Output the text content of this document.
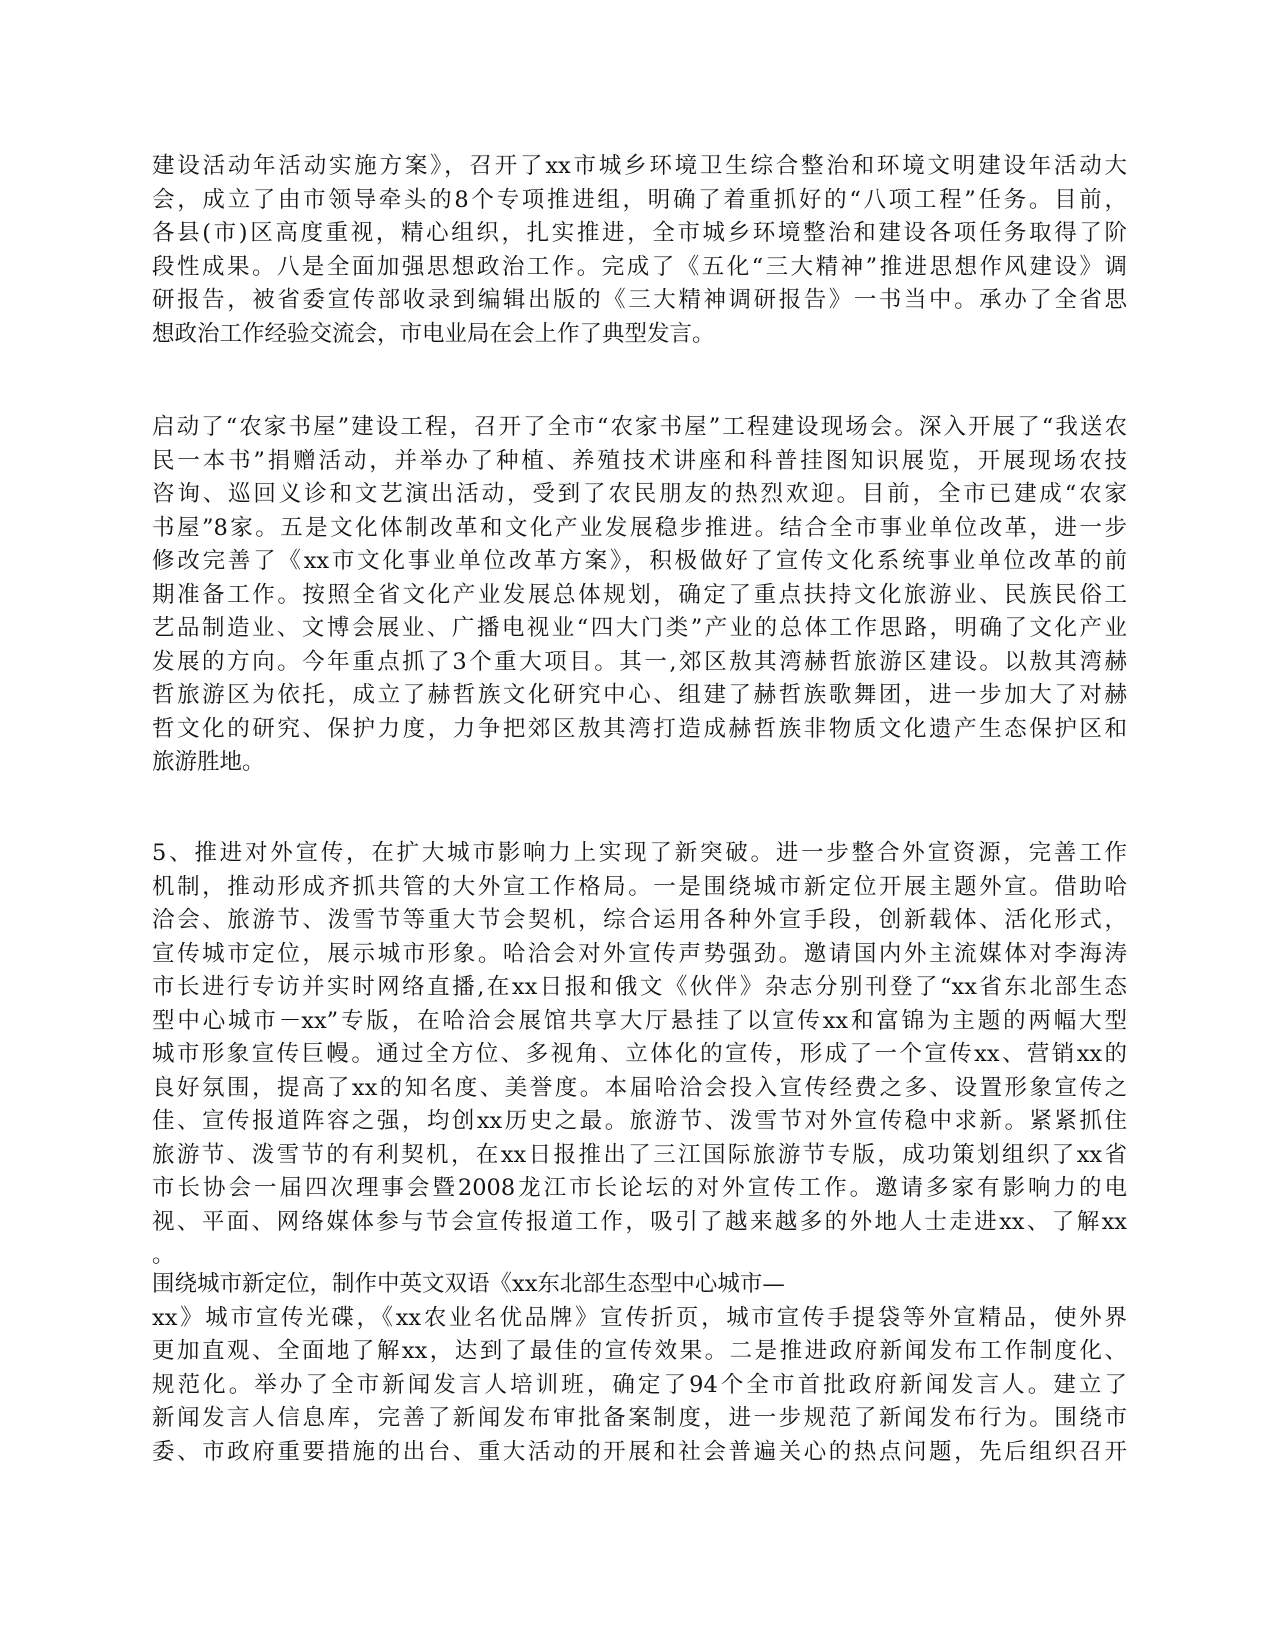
建设活动年活动实施方案》，召开了xx市城乡环境卫生综合整治和环境文明建设年活动大
会，成立了由市领导牵头的8个专项推进组，明确了着重抓好的“八项工程”任务。目前，
各县(市)区高度重视，精心组织，扎实推进，全市城乡环境整治和建设各项任务取得了阶
段性成果。八是全面加强思想政治工作。完成了《五化“三大精神”推进思想作风建设》调
研报告，被省委宣传部收录到编辑出版的《三大精神调研报告》一书当中。承办了全省思
想政治工作经验交流会，市电业局在会上作了典型发言。
启动了“农家书屋”建设工程，召开了全市“农家书屋”工程建设现场会。深入开展了“我送农
民一本书”捐赠活动，并举办了种植、养殖技术讲座和科普挂图知识展览，开展现场农技
咨询、巡回义诊和文艺演出活动，受到了农民朋友的热烈欢迎。目前，全市已建成“农家
书屋”8家。五是文化体制改革和文化产业发展稳步推进。结合全市事业单位改革，进一步
修改完善了《xx市文化事业单位改革方案》，积极做好了宣传文化系统事业单位改革的前
期准备工作。按照全省文化产业发展总体规划，确定了重点扶持文化旅游业、民族民俗工
艺品制造业、文博会展业、广播电视业“四大门类”产业的总体工作思路，明确了文化产业
发展的方向。今年重点抓了3个重大项目。其一,郊区敖其湾赫哲旅游区建设。以敖其湾赫
哲旅游区为依托，成立了赫哲族文化研究中心、组建了赫哲族歌舞团，进一步加大了对赫
哲文化的研究、保护力度，力争把郊区敖其湾打造成赫哲族非物质文化遗产生态保护区和
旅游胜地。
5、推进对外宣传，在扩大城市影响力上实现了新突破。进一步整合外宣资源，完善工作
机制，推动形成齐抓共管的大外宣工作格局。一是围绕城市新定位开展主题外宣。借助哈
洽会、旅游节、泼雪节等重大节会契机，综合运用各种外宣手段，创新载体、活化形式，
宣传城市定位，展示城市形象。哈洽会对外宣传声势强劲。邀请国内外主流媒体对李海涛
市长进行专访并实时网络直播,在xx日报和俄文《伙伴》杂志分别刊登了“xx省东北部生态
型中心城市－xx”专版，在哈洽会展馆共享大厅悬挂了以宣传xx和富锦为主题的两幅大型
城市形象宣传巨幔。通过全方位、多视角、立体化的宣传，形成了一个宣传xx、营销xx的
良好氛围，提高了xx的知名度、美誉度。本届哈洽会投入宣传经费之多、设置形象宣传之
佳、宣传报道阵容之强，均创xx历史之最。旅游节、泼雪节对外宣传稳中求新。紧紧抓住
旅游节、泼雪节的有利契机，在xx日报推出了三江国际旅游节专版，成功策划组织了xx省
市长协会一届四次理事会暨2008龙江市长论坛的对外宣传工作。邀请多家有影响力的电
视、平面、网络媒体参与节会宣传报道工作，吸引了越来越多的外地人士走进xx、了解xx
。
围绕城市新定位，制作中英文双语《xx东北部生态型中心城市—
xx》城市宣传光碟，《xx农业名优品牌》宣传折页，城市宣传手提袋等外宣精品，使外界
更加直观、全面地了解xx，达到了最佳的宣传效果。二是推进政府新闻发布工作制度化、
规范化。举办了全市新闻发言人培训班，确定了94个全市首批政府新闻发言人。建立了
新闻发言人信息库，完善了新闻发布审批备案制度，进一步规范了新闻发布行为。围绕市
委、市政府重要措施的出台、重大活动的开展和社会普遍关心的热点问题，先后组织召开
